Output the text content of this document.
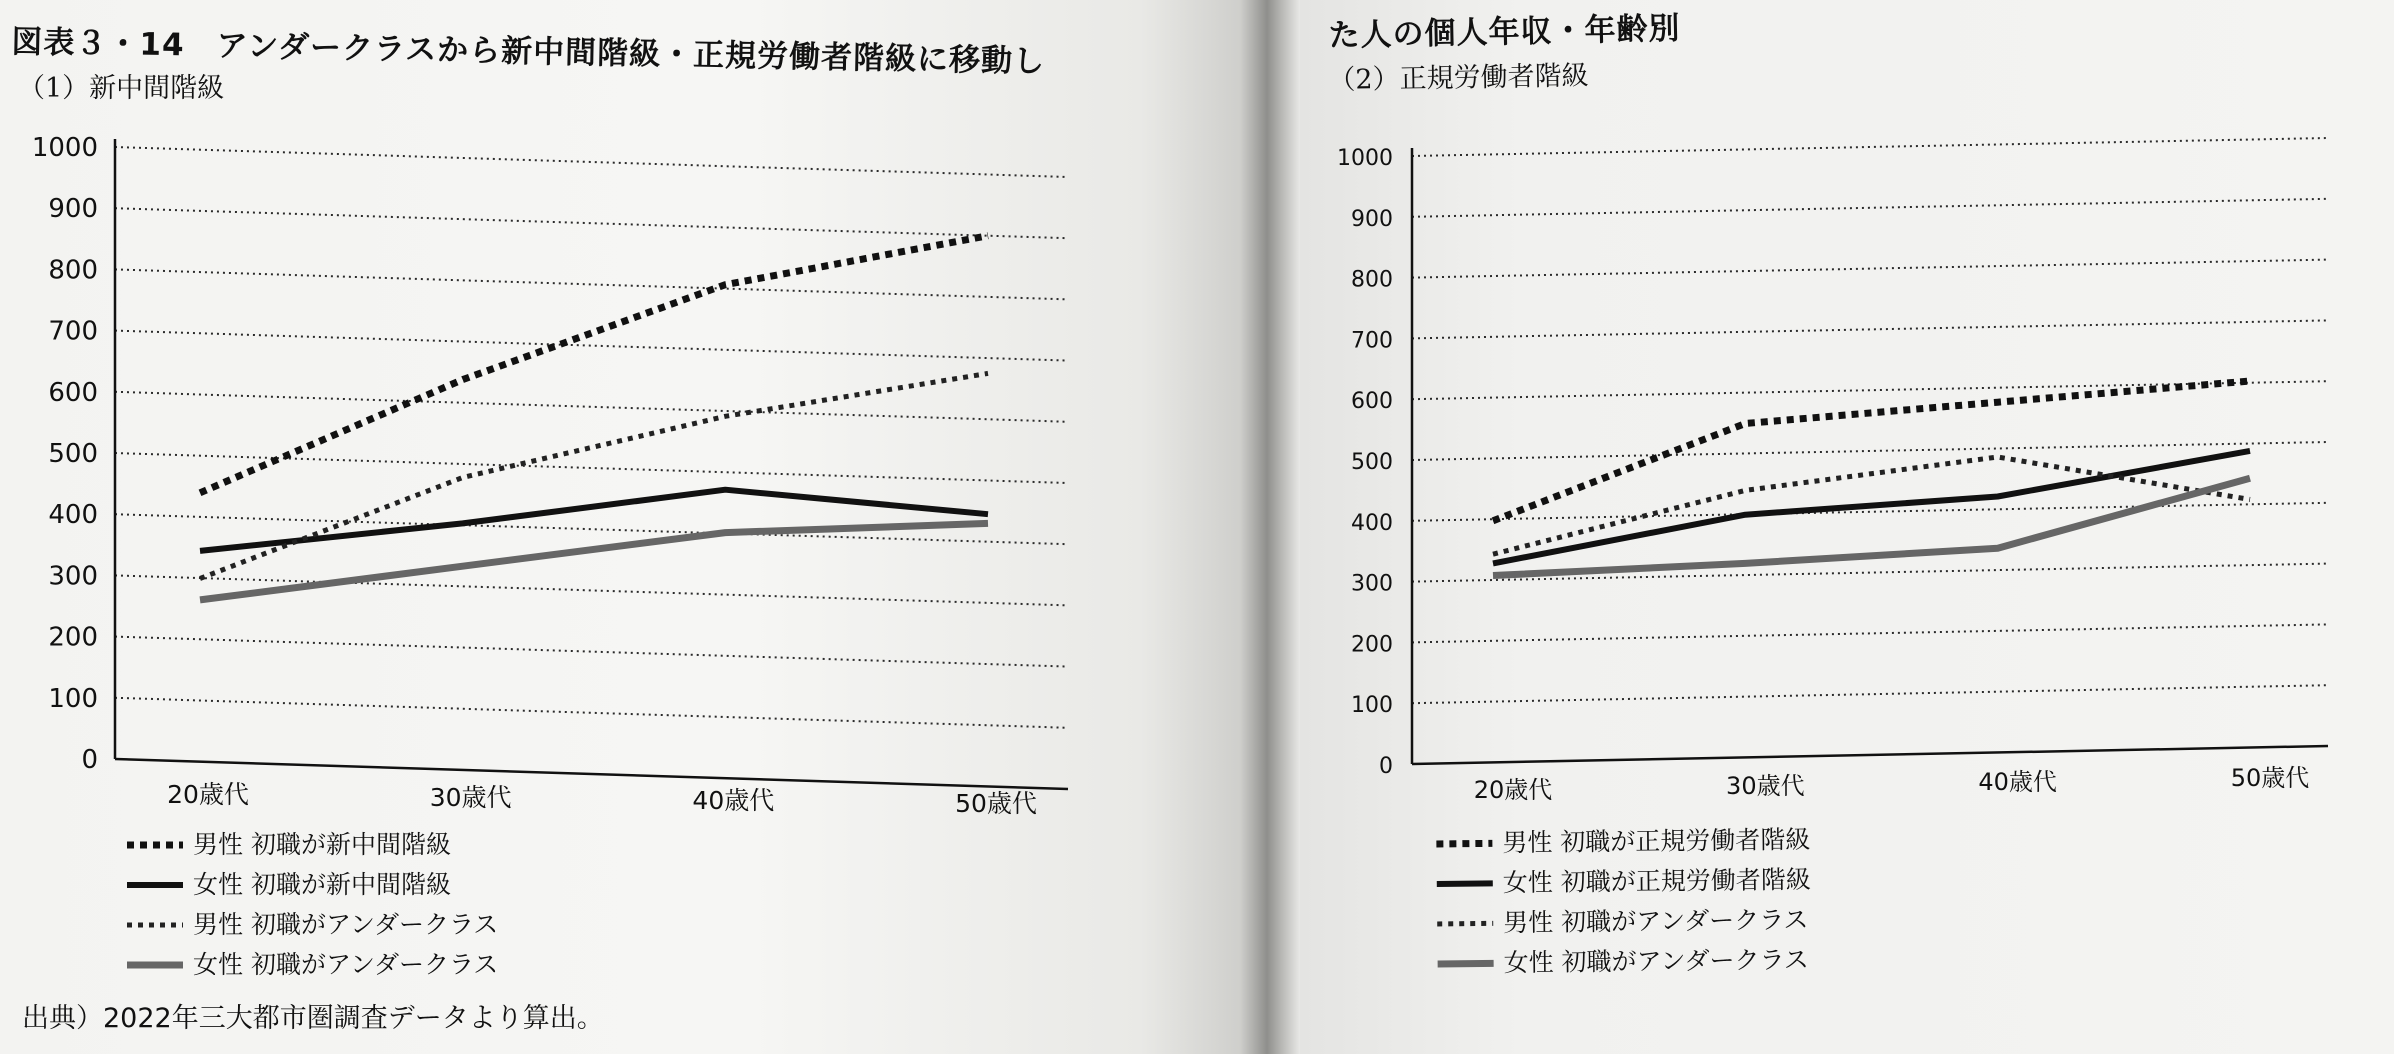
図表３・14　アンダークラスから新中間階級・正規労働者階級に移動し	た人の個人年収・年齢別
（1）新中間階級	（2）正規労働者階級
0
100
200
300
400
500
600
700
800
900
1000
20歳代	30歳代	40歳代	50歳代
0
100
200
300
400
500
600
700
800
900
1000
20歳代	30歳代	40歳代	50歳代
男性 初職が新中間階級
女性 初職が新中間階級
男性 初職がアンダークラス
女性 初職がアンダークラス
男性 初職が正規労働者階級
女性 初職が正規労働者階級
男性 初職がアンダークラス
女性 初職がアンダークラス
出典）2022年三大都市圏調査データより算出。
